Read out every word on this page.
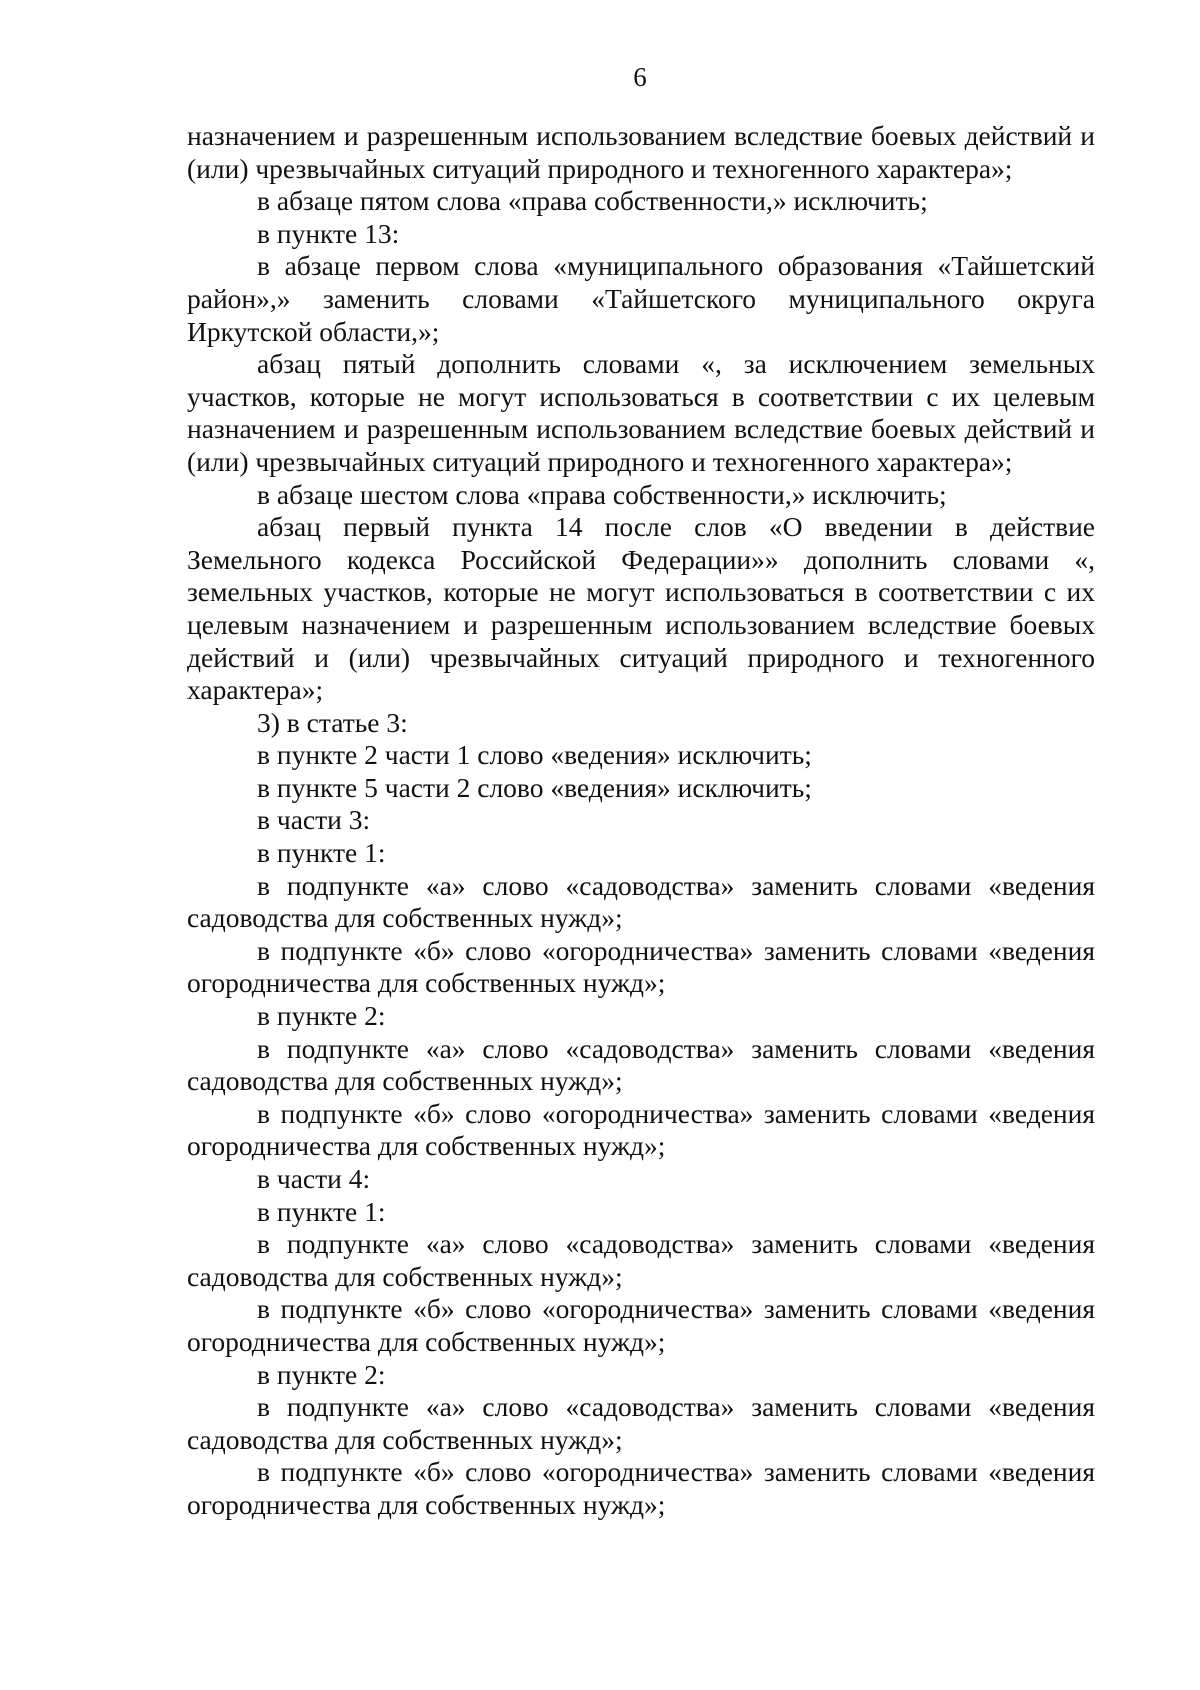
6

назначением и разрешенным использованием вследствие боевых действий и (или) чрезвычайных ситуаций природного и техногенного характера»;

в абзаце пятом слова «права собственности,» исключить;

в пункте 13:

в абзаце первом слова «муниципального образования «Тайшетский район»,» заменить словами «Тайшетского муниципального округа Иркутской области,»;

абзац пятый дополнить словами «, за исключением земельных участков, которые не могут использоваться в соответствии с их целевым назначением и разрешенным использованием вследствие боевых действий и (или) чрезвычайных ситуаций природного и техногенного характера»;

в абзаце шестом слова «права собственности,» исключить;

абзац первый пункта 14 после слов «О введении в действие Земельного кодекса Российской Федерации»» дополнить словами «, земельных участков, которые не могут использоваться в соответствии с их целевым назначением и разрешенным использованием вследствие боевых действий и (или) чрезвычайных ситуаций природного и техногенного характера»;

3) в статье 3:

в пункте 2 части 1 слово «ведения» исключить;

в пункте 5 части 2 слово «ведения» исключить;

в части 3:

в пункте 1:

в подпункте «а» слово «садоводства» заменить словами «ведения садоводства для собственных нужд»;

в подпункте «б» слово «огородничества» заменить словами «ведения огородничества для собственных нужд»;

в пункте 2:

в подпункте «а» слово «садоводства» заменить словами «ведения садоводства для собственных нужд»;

в подпункте «б» слово «огородничества» заменить словами «ведения огородничества для собственных нужд»;

в части 4:

в пункте 1:

в подпункте «а» слово «садоводства» заменить словами «ведения садоводства для собственных нужд»;

в подпункте «б» слово «огородничества» заменить словами «ведения огородничества для собственных нужд»;

в пункте 2:

в подпункте «а» слово «садоводства» заменить словами «ведения садоводства для собственных нужд»;

в подпункте «б» слово «огородничества» заменить словами «ведения огородничества для собственных нужд»;
